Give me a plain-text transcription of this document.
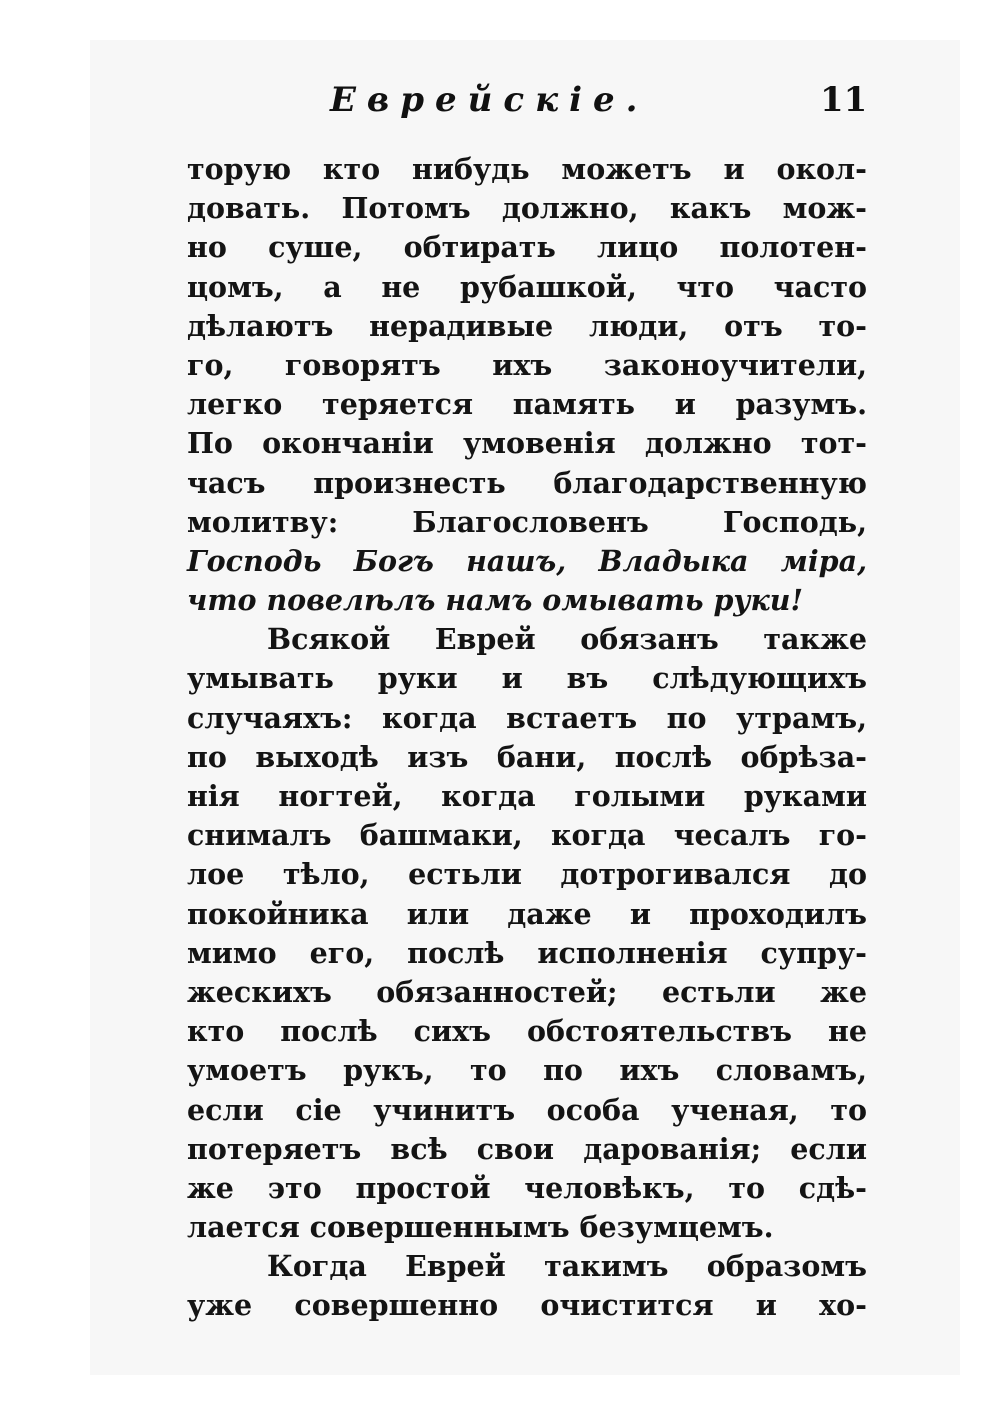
Еврейскіе.	11
торую кто нибудь можетъ и окол-
довать. Потомъ должно, какъ мож-
но суше, обтирать лицо полотен-
цомъ, а не рубашкой, что часто
дѣлаютъ нерадивые люди, отъ то-
го, говорятъ ихъ законоучители,
легко теряется память и разумъ.
По окончаніи умовенія должно тот-
часъ произнесть благодарственную
молитву: Благословенъ Господь,
Господь Богъ нашъ, Владыка міра,
что повелѣлъ намъ омывать руки!
Всякой Еврей обязанъ также
умывать руки и въ слѣдующихъ
случаяхъ: когда встаетъ по утрамъ,
по выходѣ изъ бани, послѣ обрѣза-
нія ногтей, когда голыми руками
снималъ башмаки, когда чесалъ го-
лое тѣло, естьли дотрогивался до
покойника или даже и проходилъ
мимо его, послѣ исполненія супру-
жескихъ обязанностей; естьли же
кто послѣ сихъ обстоятельствъ не
умоетъ рукъ, то по ихъ словамъ,
если сіе учинитъ особа ученая, то
потеряетъ всѣ свои дарованія; если
же это простой человѣкъ, то сдѣ-
лается совершеннымъ безумцемъ.
Когда Еврей такимъ образомъ
уже совершенно очистится и хо-
